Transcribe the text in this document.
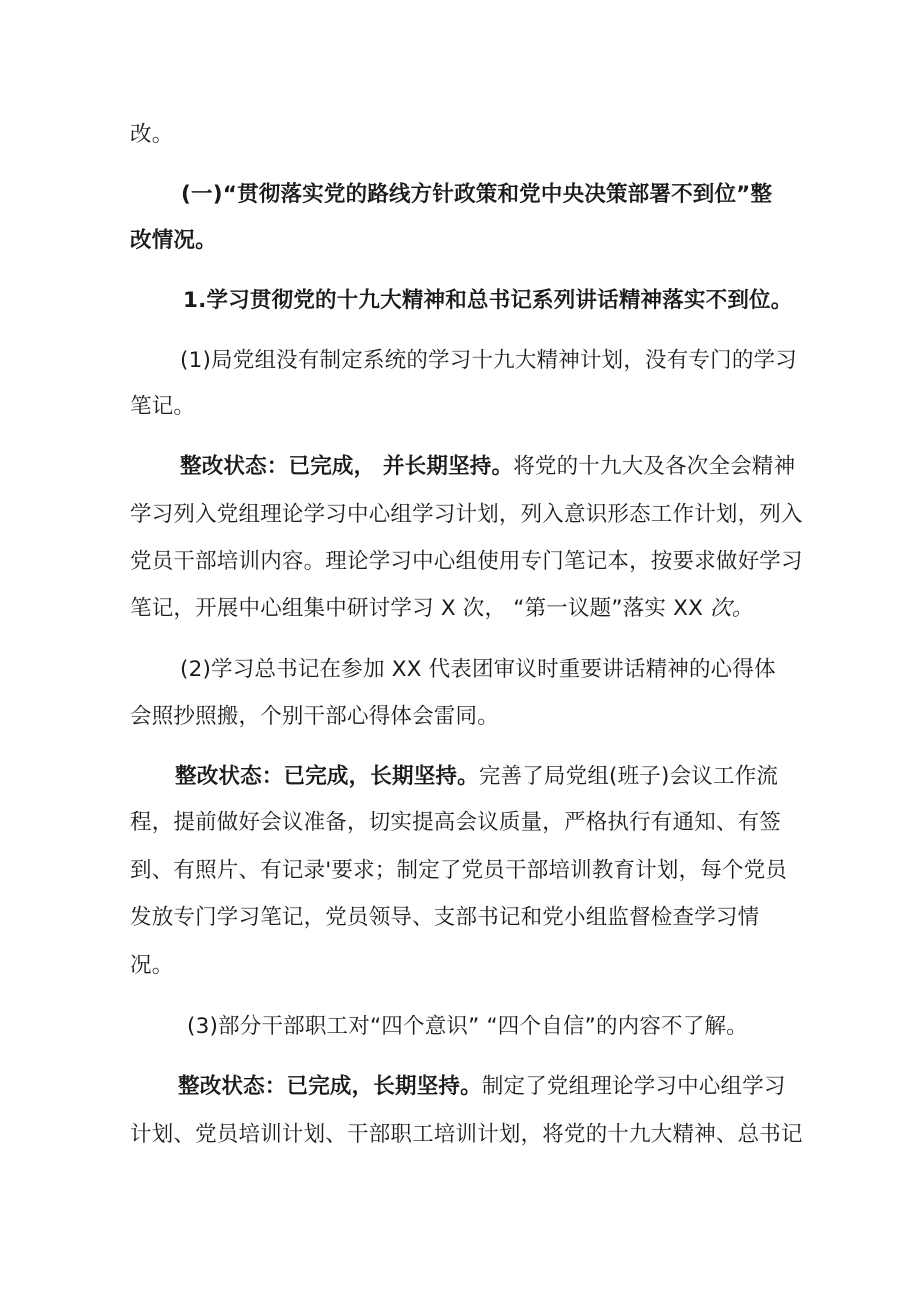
改。
(一)“贯彻落实党的路线方针政策和党中央决策部署不到位”整
改情况。
1.学习贯彻党的十九大精神和总书记系列讲话精神落实不到位。
(1)局党组没有制定系统的学习十九大精神计划，没有专门的学习
笔记。
整改状态：已完成， 并长期坚持。将党的十九大及各次全会精神
学习列入党组理论学习中心组学习计划，列入意识形态工作计划，列入
党员干部培训内容。理论学习中心组使用专门笔记本，按要求做好学习
笔记，开展中心组集中研讨学习 X 次， “第一议题”落实 XX 次。
(2)学习总书记在参加 XX 代表团审议时重要讲话精神的心得体
会照抄照搬，个别干部心得体会雷同。
整改状态：已完成，长期坚持。完善了局党组(班子)会议工作流
程，提前做好会议准备，切实提高会议质量，严格执行有通知、有签
到、有照片、有记录'要求；制定了党员干部培训教育计划，每个党员
发放专门学习笔记，党员领导、支部书记和党小组监督检查学习情
况。
(3)部分干部职工对“四个意识” “四个自信”的内容不了解。
整改状态：已完成，长期坚持。制定了党组理论学习中心组学习
计划、党员培训计划、干部职工培训计划，将党的十九大精神、总书记
